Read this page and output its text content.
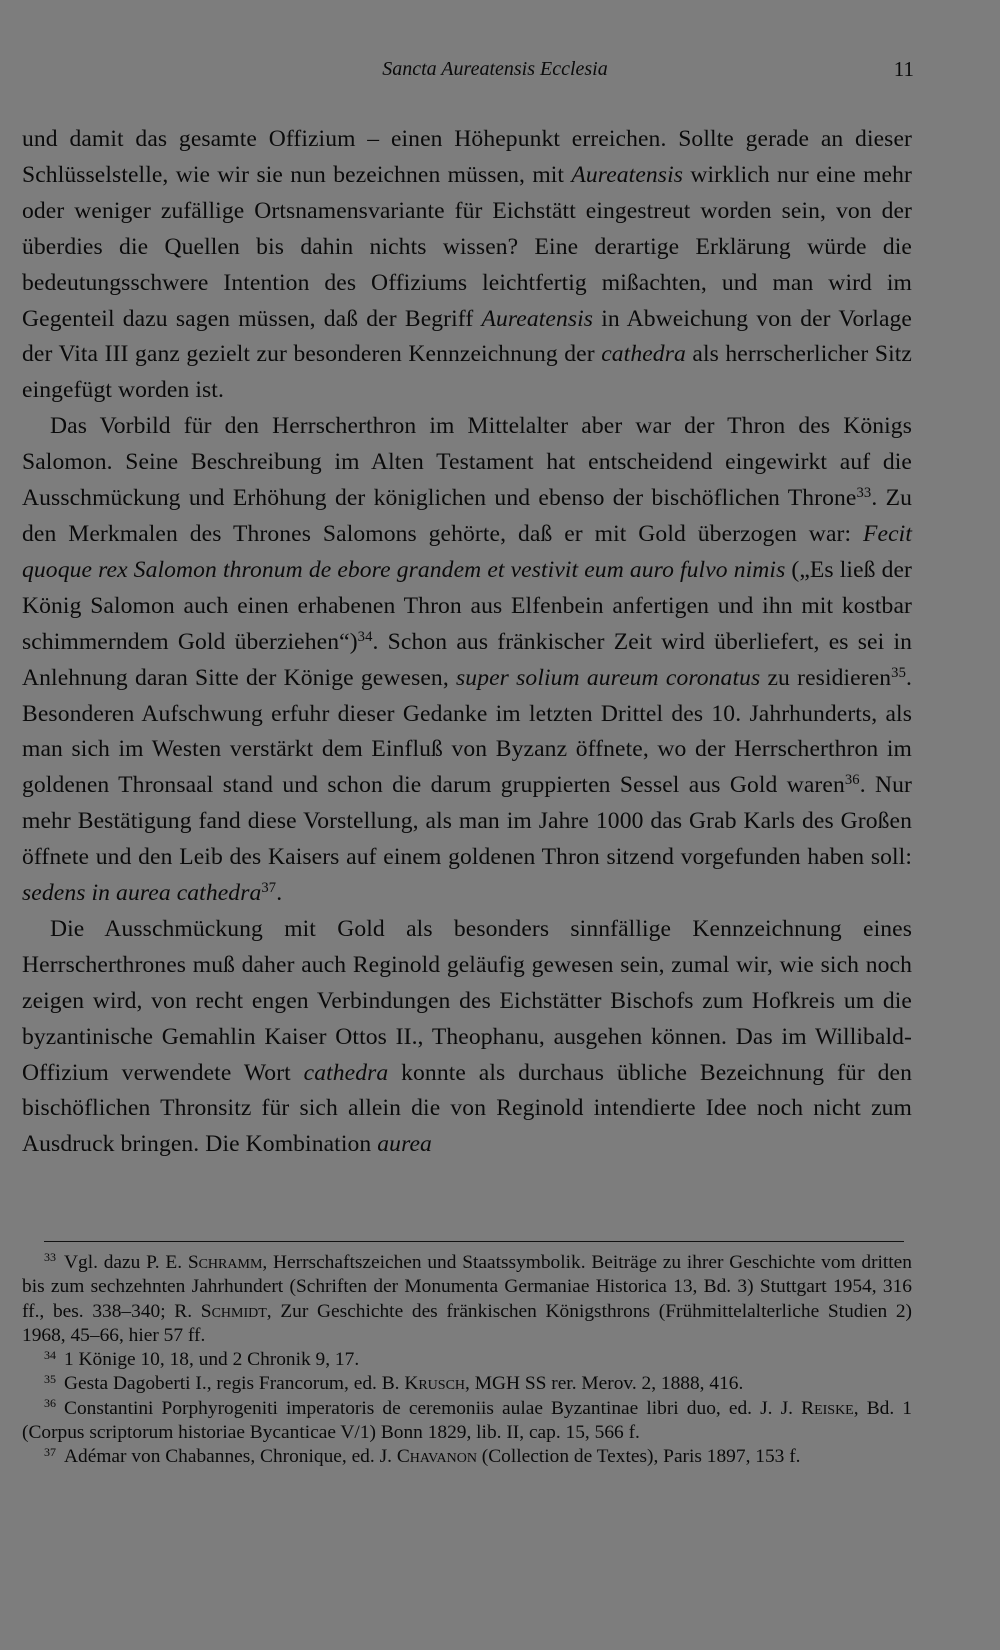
Sancta Aureatensis Ecclesia	11

und damit das gesamte Offizium – einen Höhepunkt erreichen. Sollte gerade an dieser Schlüsselstelle, wie wir sie nun bezeichnen müssen, mit Aureatensis wirklich nur eine mehr oder weniger zufällige Ortsnamensvariante für Eichstätt eingestreut worden sein, von der überdies die Quellen bis dahin nichts wissen? Eine derartige Erklärung würde die bedeutungsschwere Intention des Offiziums leichtfertig mißachten, und man wird im Gegenteil dazu sagen müssen, daß der Begriff Aureatensis in Abweichung von der Vorlage der Vita III ganz gezielt zur besonderen Kennzeichnung der cathedra als herrscherlicher Sitz eingefügt worden ist.

Das Vorbild für den Herrscherthron im Mittelalter aber war der Thron des Königs Salomon. Seine Beschreibung im Alten Testament hat entscheidend eingewirkt auf die Ausschmückung und Erhöhung der königlichen und ebenso der bischöflichen Throne$^{33}$. Zu den Merkmalen des Thrones Salomons gehörte, daß er mit Gold überzogen war: Fecit quoque rex Salomon thronum de ebore grandem et vestivit eum auro fulvo nimis („Es ließ der König Salomon auch einen erhabenen Thron aus Elfenbein anfertigen und ihn mit kostbar schimmerndem Gold überziehen“)$^{34}$. Schon aus fränkischer Zeit wird überliefert, es sei in Anlehnung daran Sitte der Könige gewesen, super solium aureum coronatus zu residieren$^{35}$. Besonderen Aufschwung erfuhr dieser Gedanke im letzten Drittel des 10. Jahrhunderts, als man sich im Westen verstärkt dem Einfluß von Byzanz öffnete, wo der Herrscherthron im goldenen Thronsaal stand und schon die darum gruppierten Sessel aus Gold waren$^{36}$. Nur mehr Bestätigung fand diese Vorstellung, als man im Jahre 1000 das Grab Karls des Großen öffnete und den Leib des Kaisers auf einem goldenen Thron sitzend vorgefunden haben soll: sedens in aurea cathedra$^{37}$.

Die Ausschmückung mit Gold als besonders sinnfällige Kennzeichnung eines Herrscherthrones muß daher auch Reginold geläufig gewesen sein, zumal wir, wie sich noch zeigen wird, von recht engen Verbindungen des Eichstätter Bischofs zum Hofkreis um die byzantinische Gemahlin Kaiser Ottos II., Theophanu, ausgehen können. Das im Willibald-Offizium verwendete Wort cathedra konnte als durchaus übliche Bezeichnung für den bischöflichen Thronsitz für sich allein die von Reginold intendierte Idee noch nicht zum Ausdruck bringen. Die Kombination aurea

$^{33}$ Vgl. dazu P. E. Schramm, Herrschaftszeichen und Staatssymbolik. Beiträge zu ihrer Geschichte vom dritten bis zum sechzehnten Jahrhundert (Schriften der Monumenta Germaniae Historica 13, Bd. 3) Stuttgart 1954, 316 ff., bes. 338–340; R. Schmidt, Zur Geschichte des fränkischen Königsthrons (Frühmittelalterliche Studien 2) 1968, 45–66, hier 57 ff.

$^{34}$ 1 Könige 10, 18, und 2 Chronik 9, 17.

$^{35}$ Gesta Dagoberti I., regis Francorum, ed. B. Krusch, MGH SS rer. Merov. 2, 1888, 416.

$^{36}$ Constantini Porphyrogeniti imperatoris de ceremoniis aulae Byzantinae libri duo, ed. J. J. Reiske, Bd. 1 (Corpus scriptorum historiae Bycanticae V/1) Bonn 1829, lib. II, cap. 15, 566 f.

$^{37}$ Adémar von Chabannes, Chronique, ed. J. Chavanon (Collection de Textes), Paris 1897, 153 f.
